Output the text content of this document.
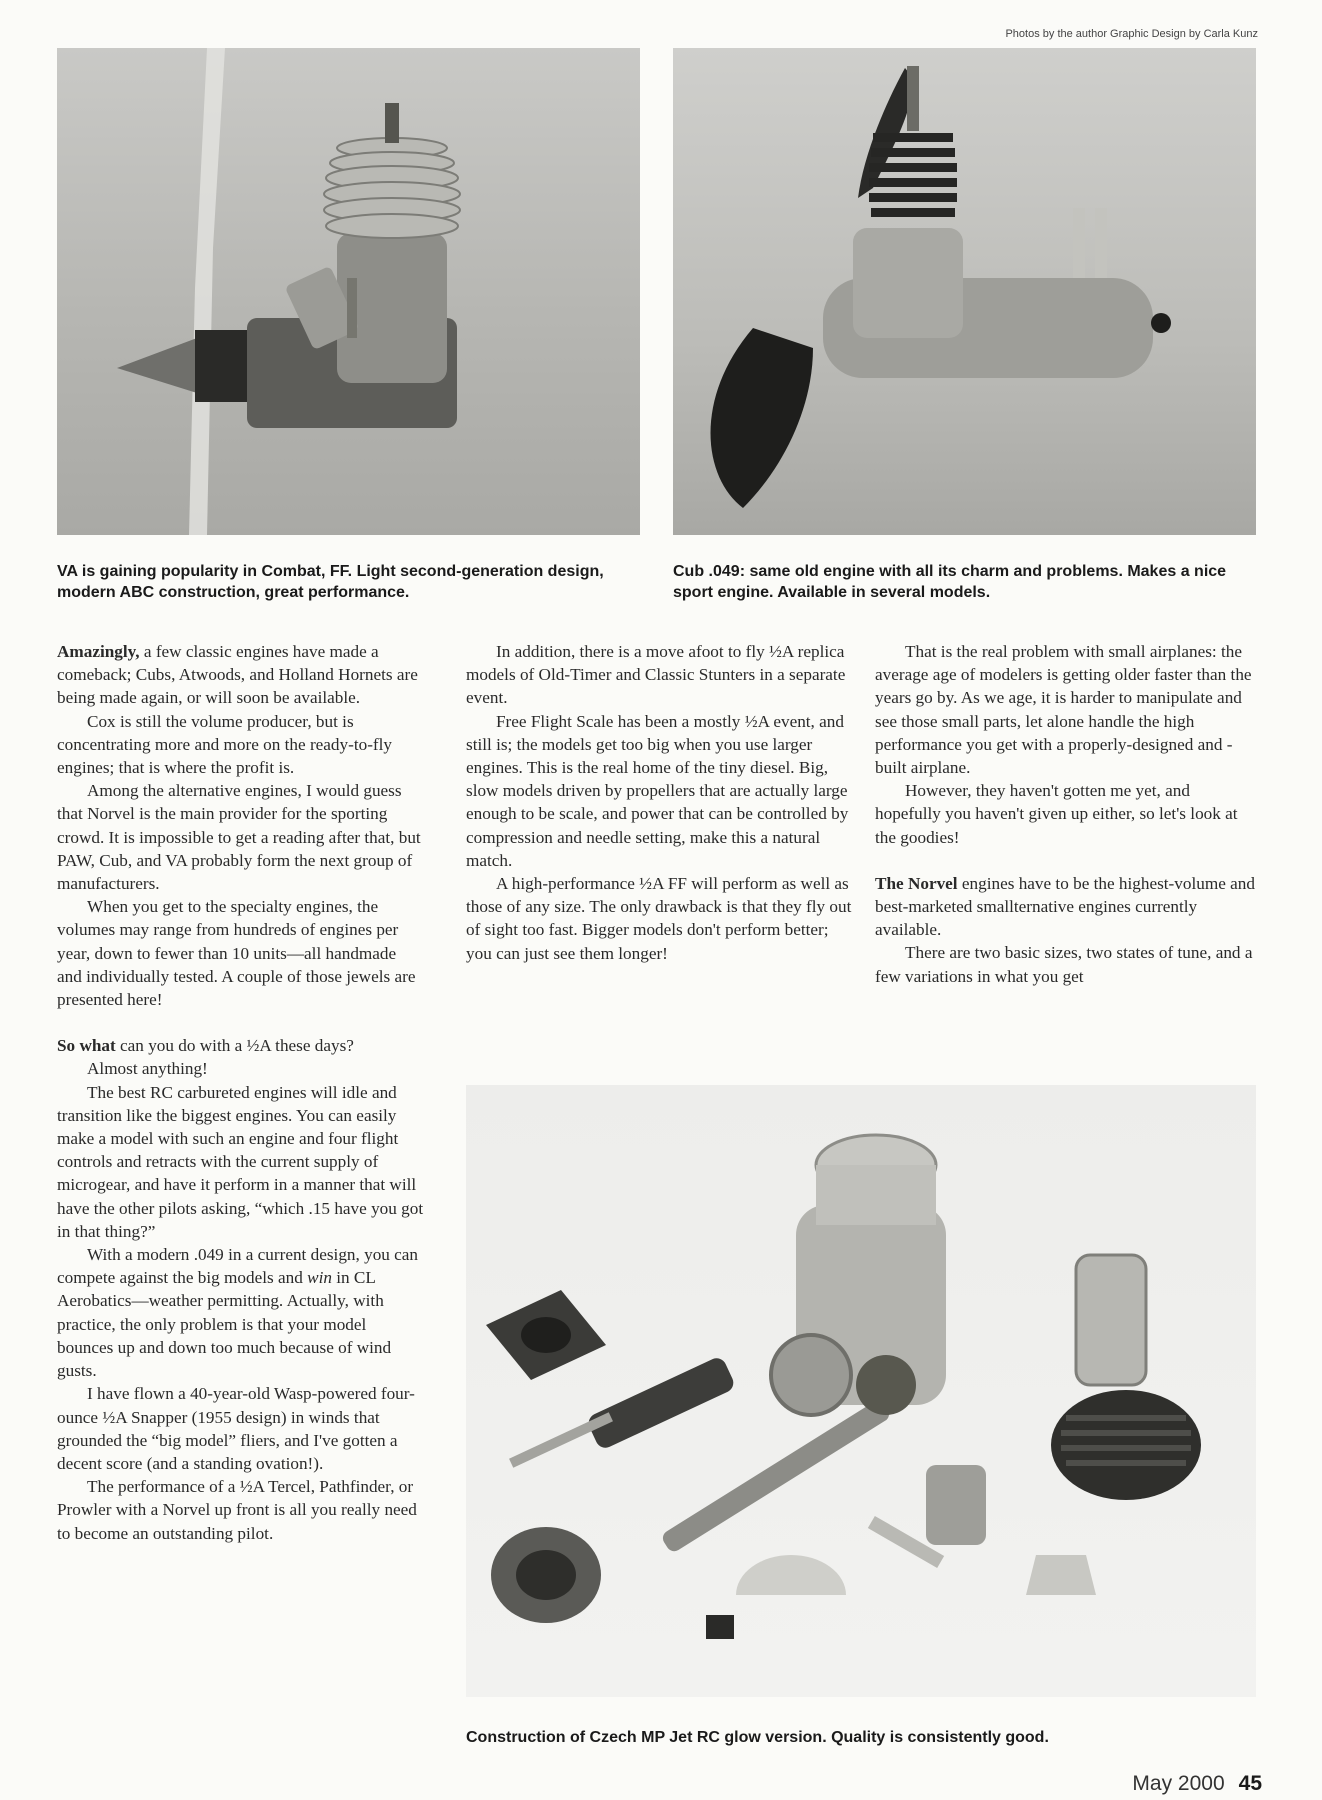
Photos by the author Graphic Design by Carla Kunz

VA is gaining popularity in Combat, FF. Light second-generation design, modern ABC construction, great performance.

Cub .049: same old engine with all its charm and problems. Makes a nice sport engine. Available in several models.

Amazingly, a few classic engines have made a comeback; Cubs, Atwoods, and Holland Hornets are being made again, or will soon be available.

Cox is still the volume producer, but is concentrating more and more on the ready-to-fly engines; that is where the profit is.

Among the alternative engines, I would guess that Norvel is the main provider for the sporting crowd. It is impossible to get a reading after that, but PAW, Cub, and VA probably form the next group of manufacturers.

When you get to the specialty engines, the volumes may range from hundreds of engines per year, down to fewer than 10 units—all handmade and individually tested. A couple of those jewels are presented here!

So what can you do with a ½A these days?

Almost anything!

The best RC carbureted engines will idle and transition like the biggest engines. You can easily make a model with such an engine and four flight controls and retracts with the current supply of microgear, and have it perform in a manner that will have the other pilots asking, “which .15 have you got in that thing?”

With a modern .049 in a current design, you can compete against the big models and win in CL Aerobatics—weather permitting. Actually, with practice, the only problem is that your model bounces up and down too much because of wind gusts.

I have flown a 40-year-old Wasp-powered four-ounce ½A Snapper (1955 design) in winds that grounded the “big model” fliers, and I've gotten a decent score (and a standing ovation!).

The performance of a ½A Tercel, Pathfinder, or Prowler with a Norvel up front is all you really need to become an outstanding pilot.

In addition, there is a move afoot to fly ½A replica models of Old-Timer and Classic Stunters in a separate event.

Free Flight Scale has been a mostly ½A event, and still is; the models get too big when you use larger engines. This is the real home of the tiny diesel. Big, slow models driven by propellers that are actually large enough to be scale, and power that can be controlled by compression and needle setting, make this a natural match.

A high-performance ½A FF will perform as well as those of any size. The only drawback is that they fly out of sight too fast. Bigger models don't perform better; you can just see them longer!

That is the real problem with small airplanes: the average age of modelers is getting older faster than the years go by. As we age, it is harder to manipulate and see those small parts, let alone handle the high performance you get with a properly-designed and -built airplane.

However, they haven't gotten me yet, and hopefully you haven't given up either, so let's look at the goodies!

The Norvel engines have to be the highest-volume and best-marketed smallternative engines currently available.

There are two basic sizes, two states of tune, and a few variations in what you get

Construction of Czech MP Jet RC glow version. Quality is consistently good.

May 2000 45
